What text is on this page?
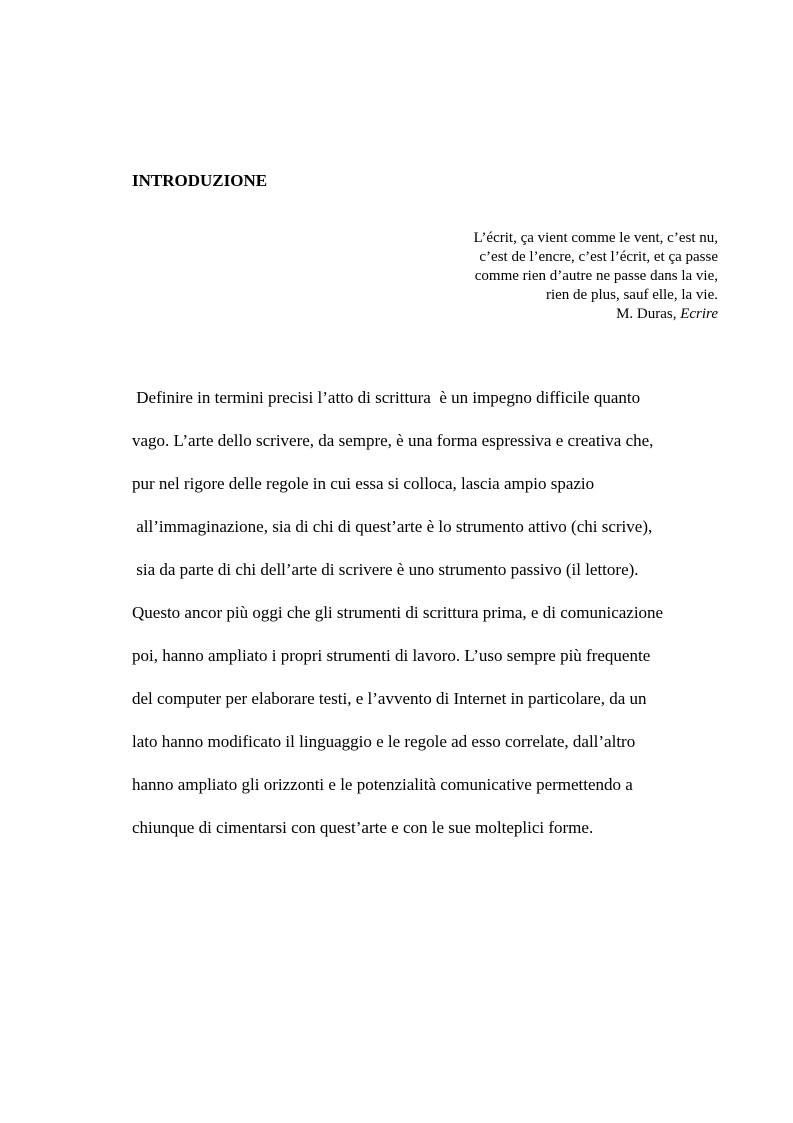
INTRODUZIONE
L’écrit, ça vient comme le vent, c’est nu,
c’est de l’encre, c’est l’écrit, et ça passe
comme rien d’autre ne passe dans la vie,
rien de plus, sauf elle, la vie.
M. Duras, Ecrire
Definire in termini precisi l’atto di scrittura  è un impegno difficile quanto
vago. L’arte dello scrivere, da sempre, è una forma espressiva e creativa che,
pur nel rigore delle regole in cui essa si colloca, lascia ampio spazio
all’immaginazione, sia di chi di quest’arte è lo strumento attivo (chi scrive),
sia da parte di chi dell’arte di scrivere è uno strumento passivo (il lettore).
Questo ancor più oggi che gli strumenti di scrittura prima, e di comunicazione
poi, hanno ampliato i propri strumenti di lavoro. L’uso sempre più frequente
del computer per elaborare testi, e l’avvento di Internet in particolare, da un
lato hanno modificato il linguaggio e le regole ad esso correlate, dall’altro
hanno ampliato gli orizzonti e le potenzialità comunicative permettendo a
chiunque di cimentarsi con quest’arte e con le sue molteplici forme.
